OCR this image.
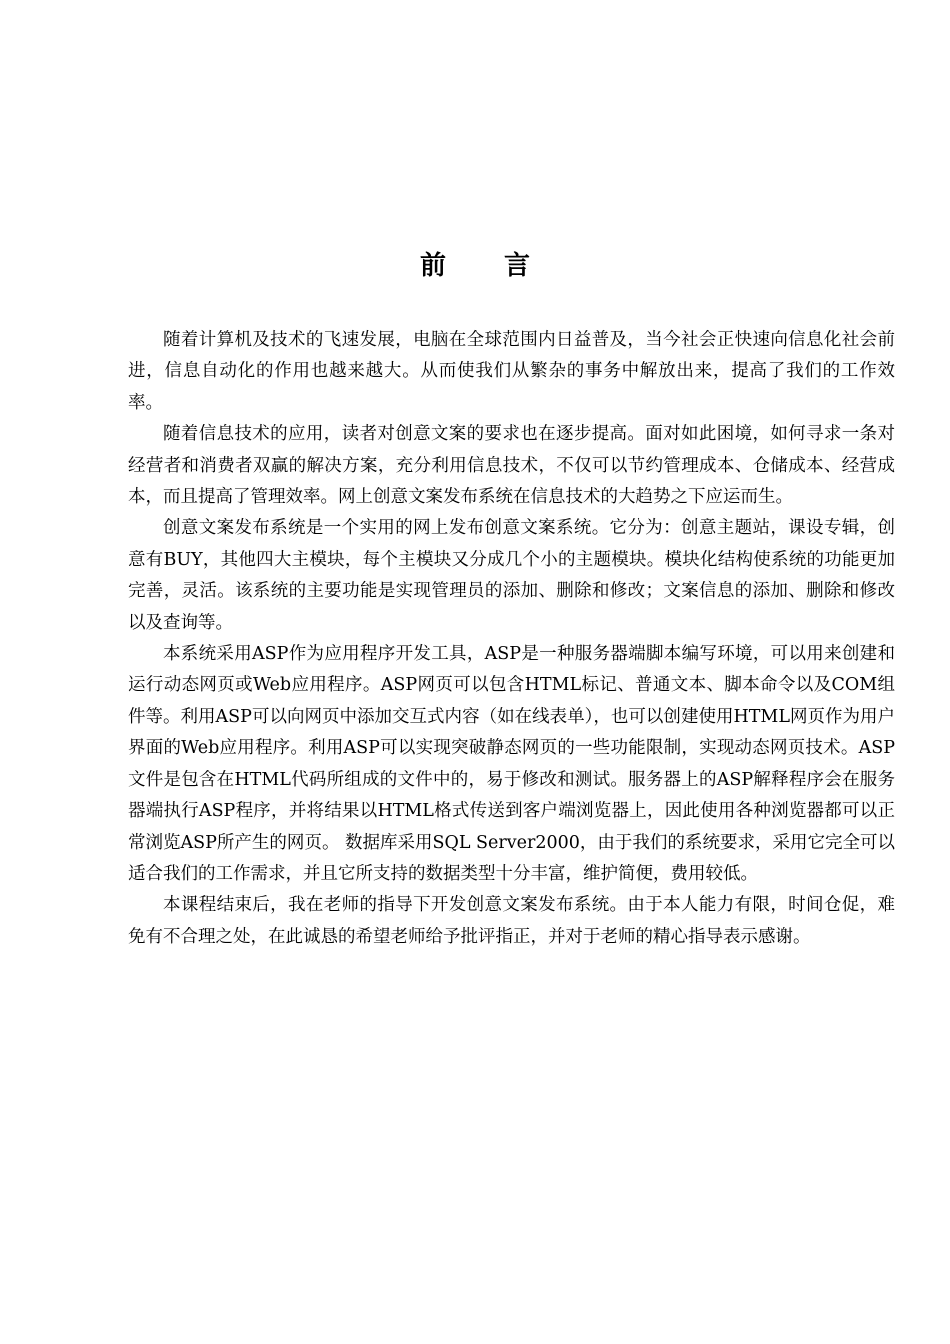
前言

随着计算机及技术的飞速发展，电脑在全球范围内日益普及，当今社会正快速向信息化社会前进，信息自动化的作用也越来越大。从而使我们从繁杂的事务中解放出来，提高了我们的工作效率。

随着信息技术的应用，读者对创意文案的要求也在逐步提高。面对如此困境，如何寻求一条对经营者和消费者双赢的解决方案，充分利用信息技术，不仅可以节约管理成本、仓储成本、经营成本，而且提高了管理效率。网上创意文案发布系统在信息技术的大趋势之下应运而生。

创意文案发布系统是一个实用的网上发布创意文案系统。它分为：创意主题站，课设专辑，创意有BUY，其他四大主模块，每个主模块又分成几个小的主题模块。模块化结构使系统的功能更加完善，灵活。该系统的主要功能是实现管理员的添加、删除和修改；文案信息的添加、删除和修改以及查询等。

本系统采用ASP作为应用程序开发工具，ASP是一种服务器端脚本编写环境，可以用来创建和运行动态网页或Web应用程序。ASP网页可以包含HTML标记、普通文本、脚本命令以及COM组件等。利用ASP可以向网页中添加交互式内容（如在线表单），也可以创建使用HTML网页作为用户界面的Web应用程序。利用ASP可以实现突破静态网页的一些功能限制，实现动态网页技术。ASP文件是包含在HTML代码所组成的文件中的，易于修改和测试。服务器上的ASP解释程序会在服务器端执行ASP程序，并将结果以HTML格式传送到客户端浏览器上，因此使用各种浏览器都可以正常浏览ASP所产生的网页。 数据库采用SQL Server2000，由于我们的系统要求，采用它完全可以适合我们的工作需求，并且它所支持的数据类型十分丰富，维护简便，费用较低。

本课程结束后，我在老师的指导下开发创意文案发布系统。由于本人能力有限，时间仓促，难免有不合理之处，在此诚恳的希望老师给予批评指正，并对于老师的精心指导表示感谢。
